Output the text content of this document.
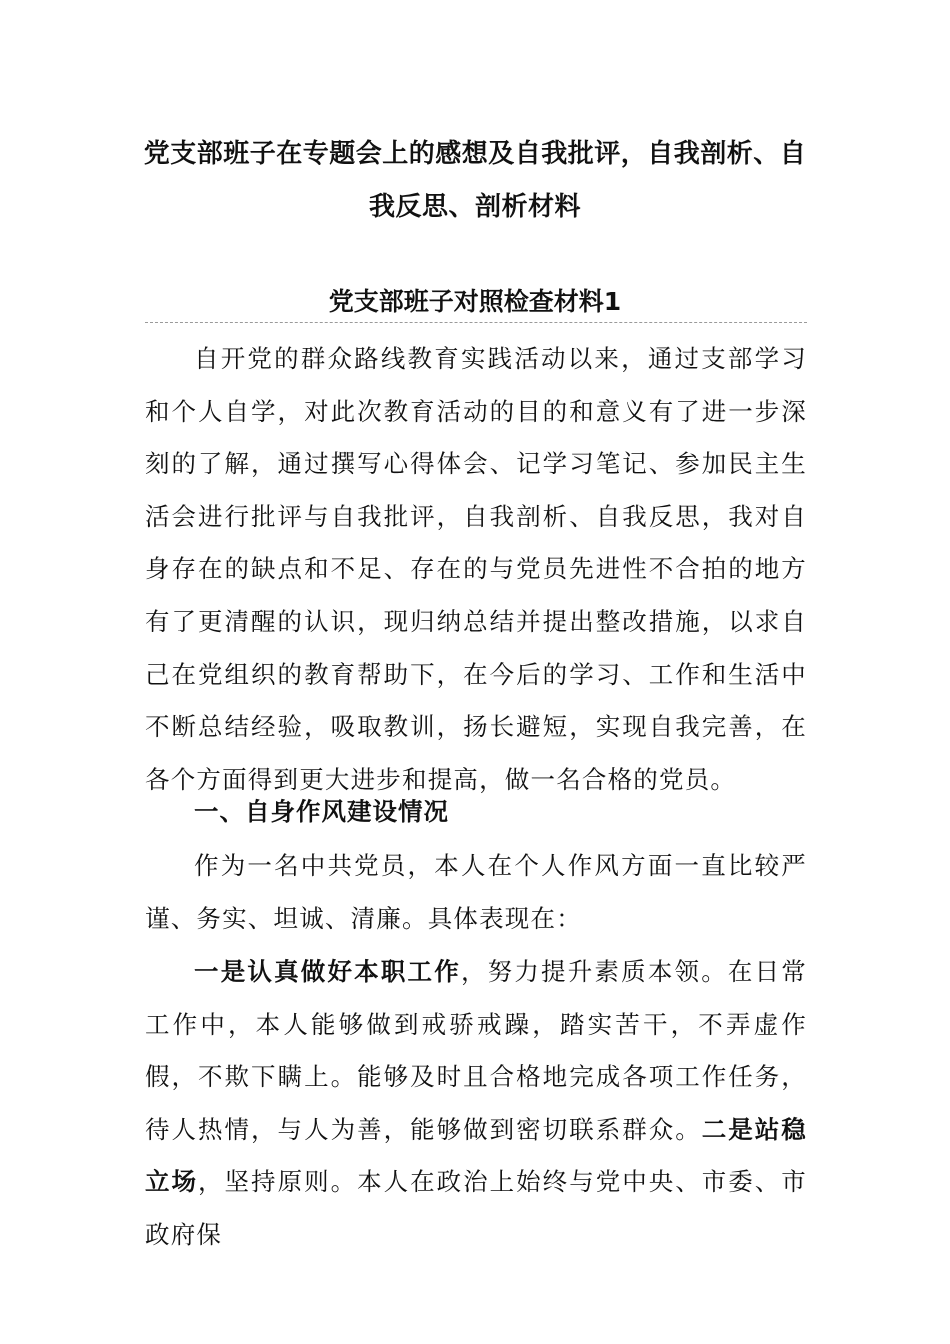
党支部班子在专题会上的感想及自我批评，自我剖析、自
我反思、剖析材料
党支部班子对照检查材料1

自开党的群众路线教育实践活动以来，通过支部学习和个人自学，对此次教育活动的目的和意义有了进一步深刻的了解，通过撰写心得体会、记学习笔记、参加民主生活会进行批评与自我批评，自我剖析、自我反思，我对自身存在的缺点和不足、存在的与党员先进性不合拍的地方有了更清醒的认识，现归纳总结并提出整改措施，以求自己在党组织的教育帮助下，在今后的学习、工作和生活中不断总结经验，吸取教训，扬长避短，实现自我完善，在各个方面得到更大进步和提高，做一名合格的党员。

一、自身作风建设情况

作为一名中共党员，本人在个人作风方面一直比较严谨、务实、坦诚、清廉。具体表现在：

一是认真做好本职工作，努力提升素质本领。在日常工作中，本人能够做到戒骄戒躁，踏实苦干，不弄虚作假，不欺下瞒上。能够及时且合格地完成各项工作任务，待人热情，与人为善，能够做到密切联系群众。二是站稳立场，坚持原则。本人在政治上始终与党中央、市委、市政府保
